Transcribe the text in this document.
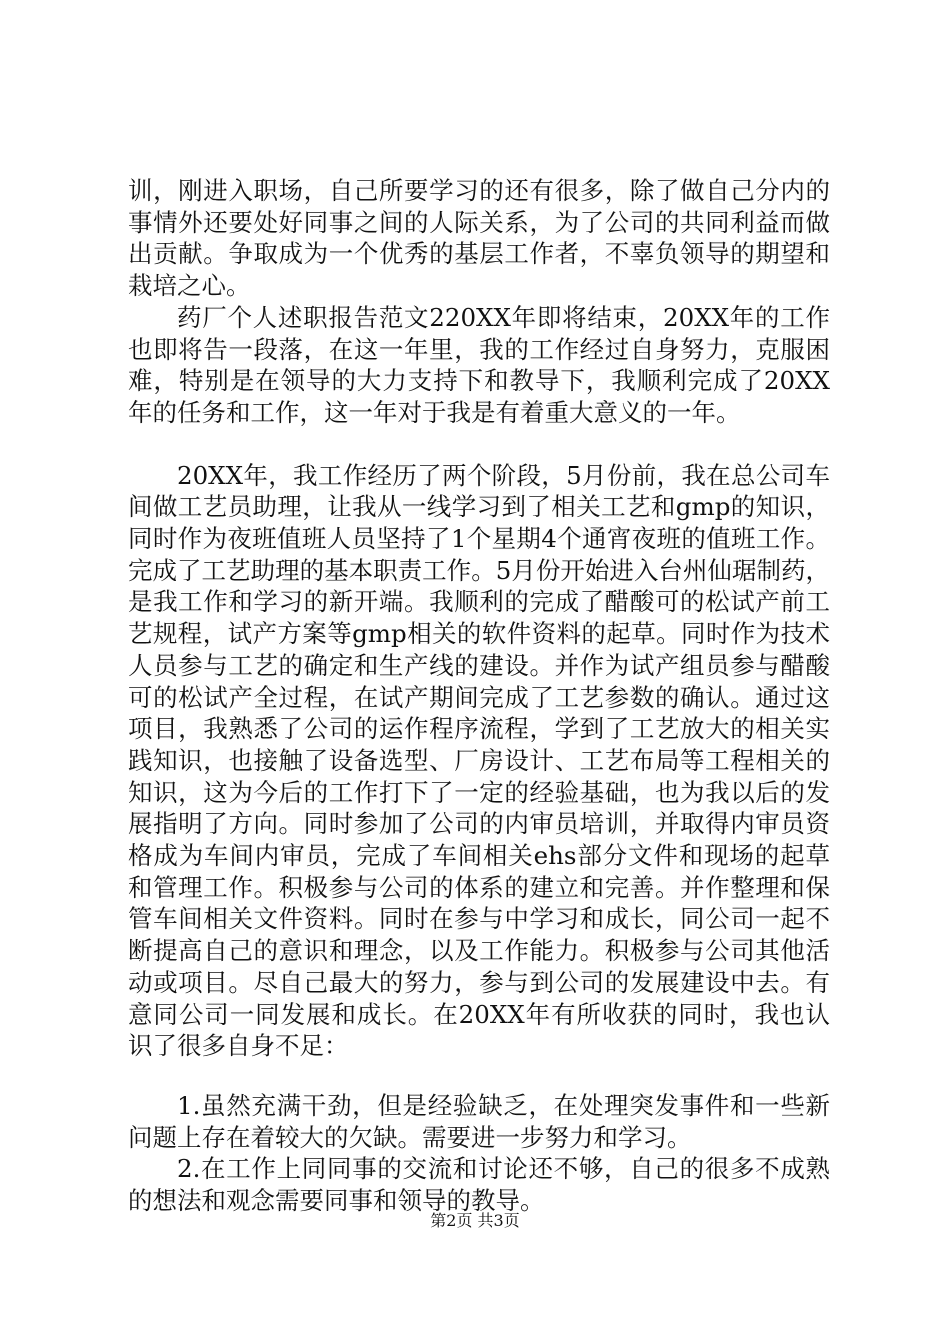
训，刚进入职场，自己所要学习的还有很多，除了做自己分内的事情外还要处好同事之间的人际关系，为了公司的共同利益而做出贡献。争取成为一个优秀的基层工作者，不辜负领导的期望和栽培之心。

药厂个人述职报告范文220XX年即将结束，20XX年的工作也即将告一段落，在这一年里，我的工作经过自身努力，克服困难，特别是在领导的大力支持下和教导下，我顺利完成了20XX年的任务和工作，这一年对于我是有着重大意义的一年。

20XX年，我工作经历了两个阶段，5月份前，我在总公司车间做工艺员助理，让我从一线学习到了相关工艺和gmp的知识，同时作为夜班值班人员坚持了1个星期4个通宵夜班的值班工作。完成了工艺助理的基本职责工作。5月份开始进入台州仙琚制药，是我工作和学习的新开端。我顺利的完成了醋酸可的松试产前工艺规程，试产方案等gmp相关的软件资料的起草。同时作为技术人员参与工艺的确定和生产线的建设。并作为试产组员参与醋酸可的松试产全过程，在试产期间完成了工艺参数的确认。通过这项目，我熟悉了公司的运作程序流程，学到了工艺放大的相关实践知识，也接触了设备选型、厂房设计、工艺布局等工程相关的知识，这为今后的工作打下了一定的经验基础，也为我以后的发展指明了方向。同时参加了公司的内审员培训，并取得内审员资格成为车间内审员，完成了车间相关ehs部分文件和现场的起草和管理工作。积极参与公司的体系的建立和完善。并作整理和保管车间相关文件资料。同时在参与中学习和成长，同公司一起不断提高自己的意识和理念，以及工作能力。积极参与公司其他活动或项目。尽自己最大的努力，参与到公司的发展建设中去。有意同公司一同发展和成长。在20XX年有所收获的同时，我也认识了很多自身不足：

1.虽然充满干劲，但是经验缺乏，在处理突发事件和一些新问题上存在着较大的欠缺。需要进一步努力和学习。

2.在工作上同同事的交流和讨论还不够，自己的很多不成熟的想法和观念需要同事和领导的教导。

第2页 共3页
